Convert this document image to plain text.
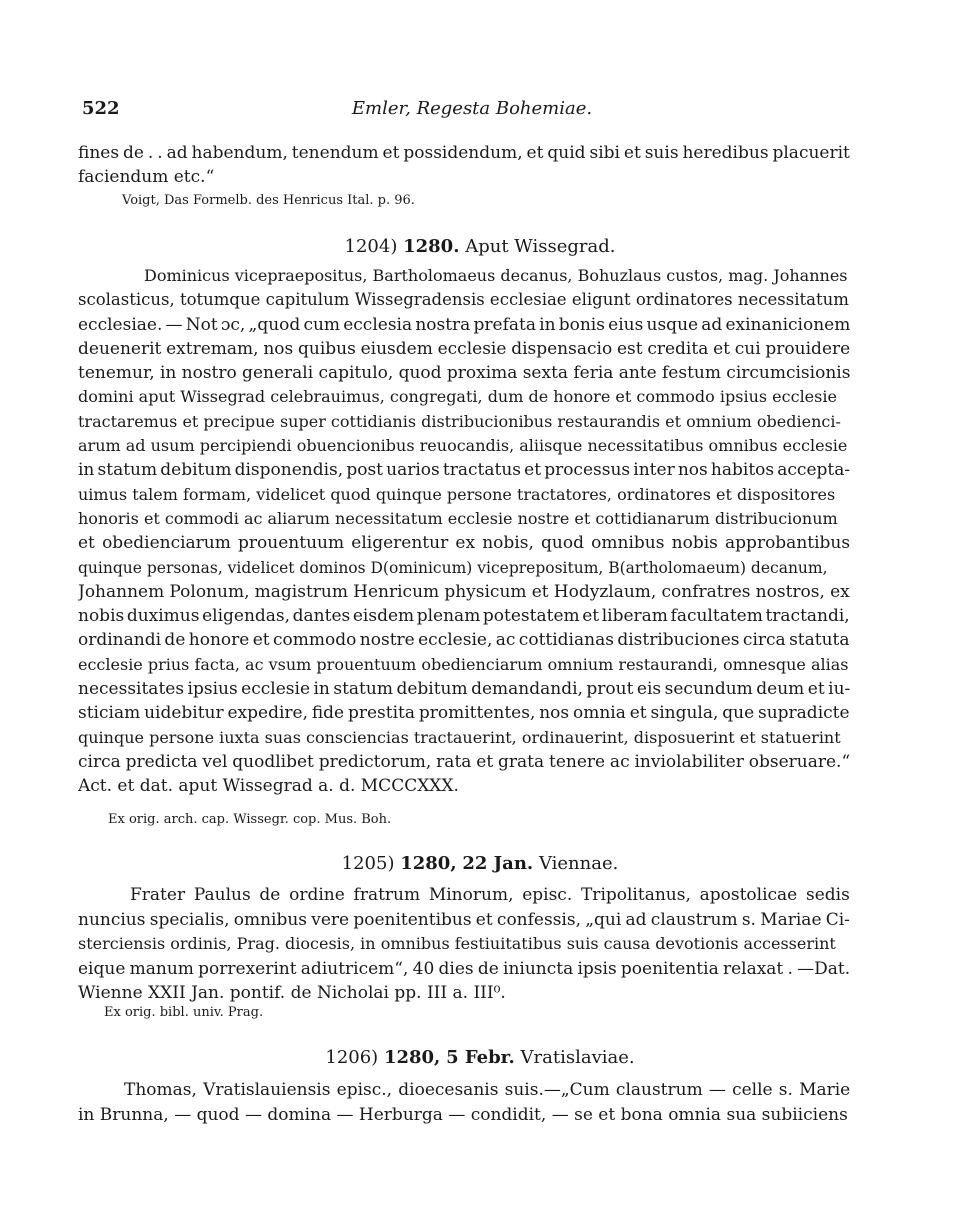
522	Emler, Regesta Bohemiae.
fines de . . ad habendum, tenendum et possidendum, et quid sibi et suis heredibus placuerit
faciendum etc.“
Voigt, Das Formelb. des Henricus Ital. p. 96.
1204) 1280. Aput Wissegrad.
Dominicus vicepraepositus, Bartholomaeus decanus, Bohuzlaus custos, mag. Johannes
scolasticus, totumque capitulum Wissegradensis ecclesiae eligunt ordinatores necessitatum
ecclesiae. — Not ɔc, „quod cum ecclesia nostra prefata in bonis eius usque ad exinanicionem
deuenerit extremam, nos quibus eiusdem ecclesie dispensacio est credita et cui prouidere
tenemur, in nostro generali capitulo, quod proxima sexta feria ante festum circumcisionis
domini aput Wissegrad celebrauimus, congregati, dum de honore et commodo ipsius ecclesie
tractaremus et precipue super cottidianis distribucionibus restaurandis et omnium obedienci-
arum ad usum percipiendi obuencionibus reuocandis, aliisque necessitatibus omnibus ecclesie
in statum debitum disponendis, post uarios tractatus et processus inter nos habitos accepta-
uimus talem formam, videlicet quod quinque persone tractatores, ordinatores et dispositores
honoris et commodi ac aliarum necessitatum ecclesie nostre et cottidianarum distribucionum
et obedienciarum prouentuum eligerentur ex nobis, quod omnibus nobis approbantibus
quinque personas, videlicet dominos D(ominicum) viceprepositum, B(artholomaeum) decanum,
Johannem Polonum, magistrum Henricum physicum et Hodyzlaum, confratres nostros, ex
nobis duximus eligendas, dantes eisdem plenam potestatem et liberam facultatem tractandi,
ordinandi de honore et commodo nostre ecclesie, ac cottidianas distribuciones circa statuta
ecclesie prius facta, ac vsum prouentuum obedienciarum omnium restaurandi, omnesque alias
necessitates ipsius ecclesie in statum debitum demandandi, prout eis secundum deum et iu-
sticiam uidebitur expedire, fide prestita promittentes, nos omnia et singula, que supradicte
quinque persone iuxta suas consciencias tractauerint, ordinauerint, disposuerint et statuerint
circa predicta vel quodlibet predictorum, rata et grata tenere ac inviolabiliter obseruare.“
Act. et dat. aput Wissegrad a. d. MCCCXXX.
Ex orig. arch. cap. Wissegr. cop. Mus. Boh.
1205) 1280, 22 Jan. Viennae.
Frater Paulus de ordine fratrum Minorum, episc. Tripolitanus, apostolicae sedis
nuncius specialis, omnibus vere poenitentibus et confessis, „qui ad claustrum s. Mariae Ci-
sterciensis ordinis, Prag. diocesis, in omnibus festiuitatibus suis causa devotionis accesserint
eique manum porrexerint adiutricem“, 40 dies de iniuncta ipsis poenitentia relaxat . —Dat.
Wienne XXII Jan. pontif. de Nicholai pp. III a. III⁰.
Ex orig. bibl. univ. Prag.
1206) 1280, 5 Febr. Vratislaviae.
Thomas, Vratislauiensis episc., dioecesanis suis.—„Cum claustrum — celle s. Marie
in Brunna, — quod — domina — Herburga — condidit, — se et bona omnia sua subiiciens
